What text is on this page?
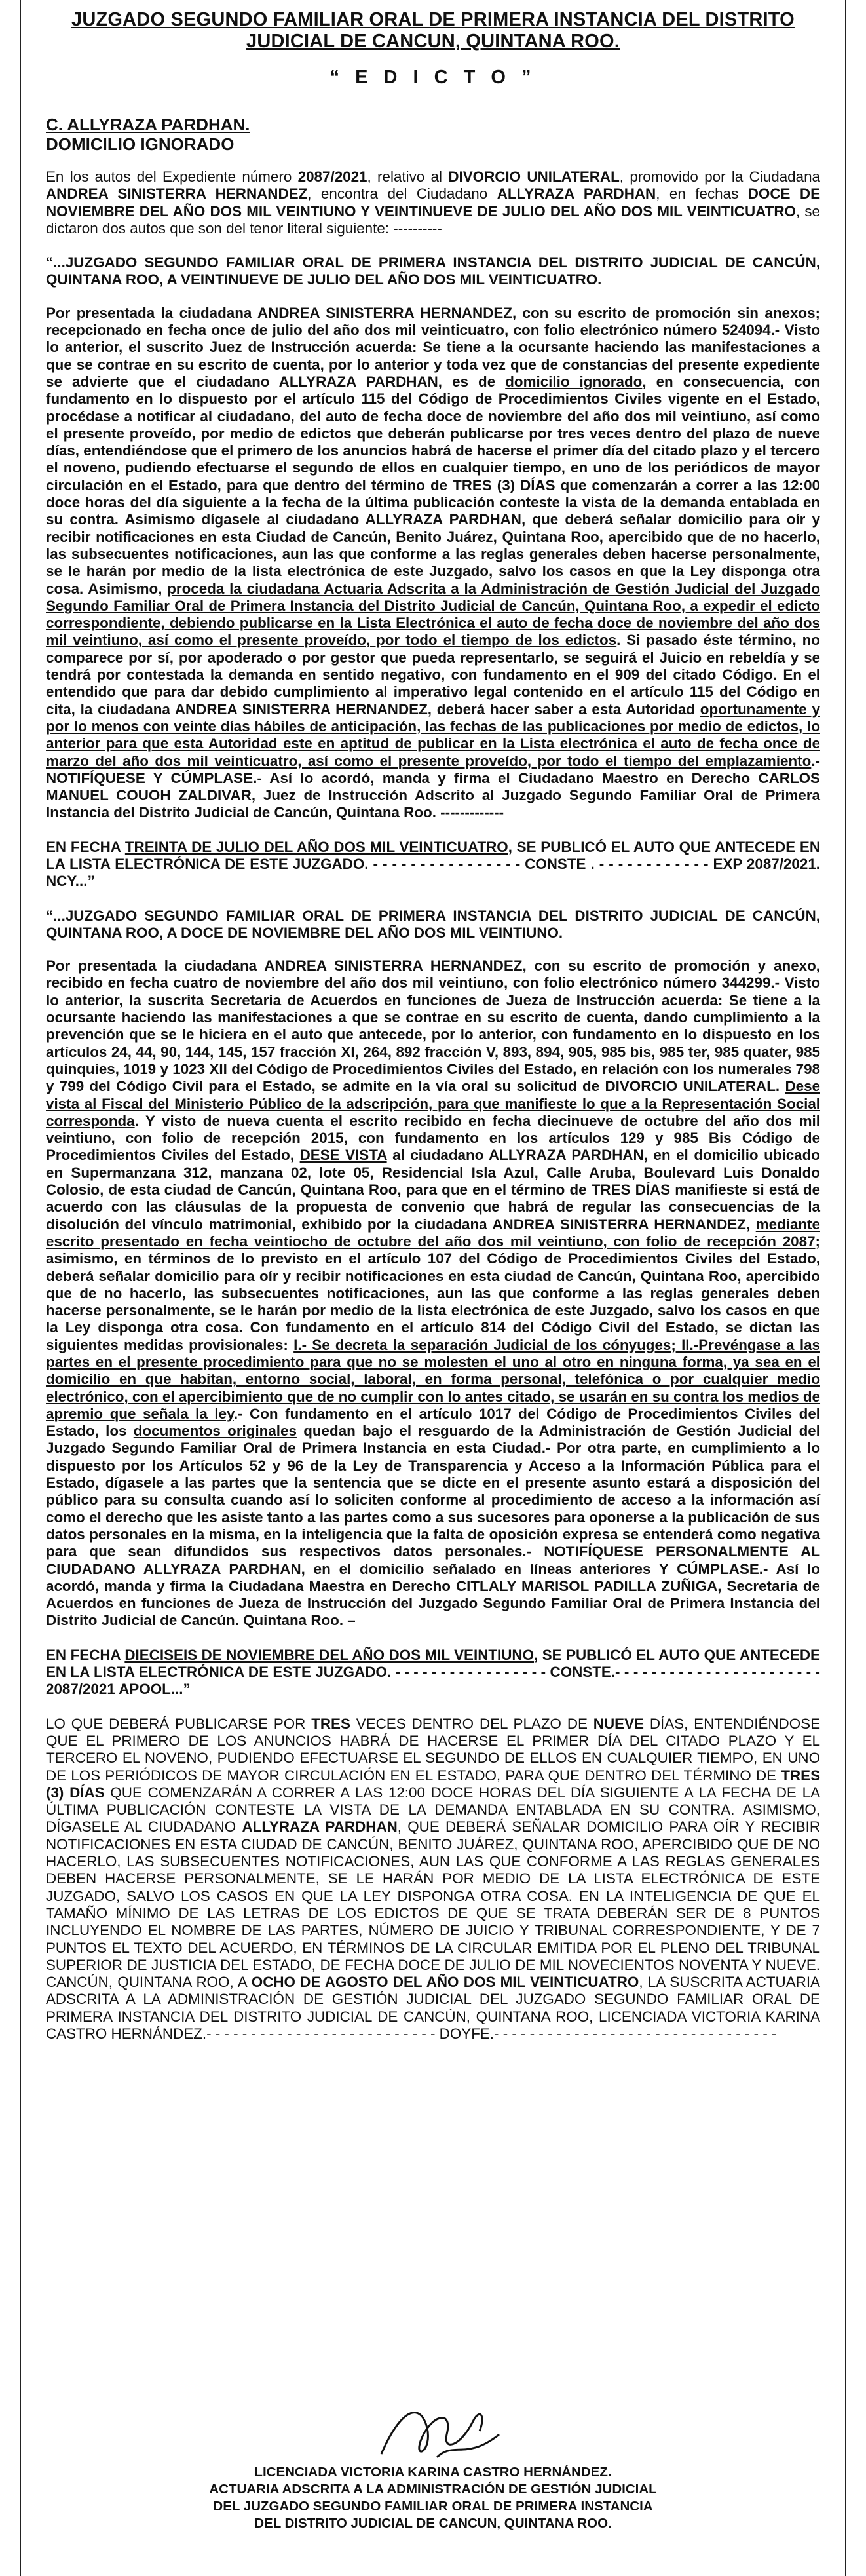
JUZGADO SEGUNDO FAMILIAR ORAL DE PRIMERA INSTANCIA DEL DISTRITO
JUDICIAL DE CANCUN, QUINTANA ROO.
“ E D I C T O ”
C. ALLYRAZA PARDHAN.
DOMICILIO IGNORADO

En los autos del Expediente número 2087/2021, relativo al DIVORCIO UNILATERAL, promovido por la Ciudadana ANDREA SINISTERRA HERNANDEZ, encontra del Ciudadano ALLYRAZA PARDHAN, en fechas DOCE DE NOVIEMBRE DEL AÑO DOS MIL VEINTIUNO Y VEINTINUEVE DE JULIO DEL AÑO DOS MIL VEINTICUATRO, se dictaron dos autos que son del tenor literal siguiente: ----------

“...JUZGADO SEGUNDO FAMILIAR ORAL DE PRIMERA INSTANCIA DEL DISTRITO JUDICIAL DE CANCÚN, QUINTANA ROO, A VEINTINUEVE DE JULIO DEL AÑO DOS MIL VEINTICUATRO.

Por presentada la ciudadana ANDREA SINISTERRA HERNANDEZ, con su escrito de promoción sin anexos; recepcionado en fecha once de julio del año dos mil veinticuatro, con folio electrónico número 524094.- Visto lo anterior, el suscrito Juez de Instrucción acuerda: Se tiene a la ocursante haciendo las manifestaciones a que se contrae en su escrito de cuenta, por lo anterior y toda vez que de constancias del presente expediente se advierte que el ciudadano ALLYRAZA PARDHAN, es de domicilio ignorado, en consecuencia, con fundamento en lo dispuesto por el artículo 115 del Código de Procedimientos Civiles vigente en el Estado, procédase a notificar al ciudadano, del auto de fecha doce de noviembre del año dos mil veintiuno, así como el presente proveído, por medio de edictos que deberán publicarse por tres veces dentro del plazo de nueve días, entendiéndose que el primero de los anuncios habrá de hacerse el primer día del citado plazo y el tercero el noveno, pudiendo efectuarse el segundo de ellos en cualquier tiempo, en uno de los periódicos de mayor circulación en el Estado, para que dentro del término de TRES (3) DÍAS que comenzarán a correr a las 12:00 doce horas del día siguiente a la fecha de la última publicación conteste la vista de la demanda entablada en su contra. Asimismo dígasele al ciudadano ALLYRAZA PARDHAN, que deberá señalar domicilio para oír y recibir notificaciones en esta Ciudad de Cancún, Benito Juárez, Quintana Roo, apercibido que de no hacerlo, las subsecuentes notificaciones, aun las que conforme a las reglas generales deben hacerse personalmente, se le harán por medio de la lista electrónica de este Juzgado, salvo los casos en que la Ley disponga otra cosa. Asimismo, proceda la ciudadana Actuaria Adscrita a la Administración de Gestión Judicial del Juzgado Segundo Familiar Oral de Primera Instancia del Distrito Judicial de Cancún, Quintana Roo, a expedir el edicto correspondiente, debiendo publicarse en la Lista Electrónica el auto de fecha doce de noviembre del año dos mil veintiuno, así como el presente proveído, por todo el tiempo de los edictos. Si pasado éste término, no comparece por sí, por apoderado o por gestor que pueda representarlo, se seguirá el Juicio en rebeldía y se tendrá por contestada la demanda en sentido negativo, con fundamento en el 909 del citado Código. En el entendido que para dar debido cumplimiento al imperativo legal contenido en el artículo 115 del Código en cita, la ciudadana ANDREA SINISTERRA HERNANDEZ, deberá hacer saber a esta Autoridad oportunamente y por lo menos con veinte días hábiles de anticipación, las fechas de las publicaciones por medio de edictos, lo anterior para que esta Autoridad este en aptitud de publicar en la Lista electrónica el auto de fecha once de marzo del año dos mil veinticuatro, así como el presente proveído, por todo el tiempo del emplazamiento.- NOTIFÍQUESE Y CÚMPLASE.- Así lo acordó, manda y firma el Ciudadano Maestro en Derecho CARLOS MANUEL COUOH ZALDIVAR, Juez de Instrucción Adscrito al Juzgado Segundo Familiar Oral de Primera Instancia del Distrito Judicial de Cancún, Quintana Roo. -------------

EN FECHA TREINTA DE JULIO DEL AÑO DOS MIL VEINTICUATRO, SE PUBLICÓ EL AUTO QUE ANTECEDE EN LA LISTA ELECTRÓNICA DE ESTE JUZGADO. - - - - - - - - - - - - - - - - CONSTE . - - - - - - - - - - - - EXP 2087/2021. NCY...”

“...JUZGADO SEGUNDO FAMILIAR ORAL DE PRIMERA INSTANCIA DEL DISTRITO JUDICIAL DE CANCÚN, QUINTANA ROO, A DOCE DE NOVIEMBRE DEL AÑO DOS MIL VEINTIUNO.

Por presentada la ciudadana ANDREA SINISTERRA HERNANDEZ, con su escrito de promoción y anexo, recibido en fecha cuatro de noviembre del año dos mil veintiuno, con folio electrónico número 344299.- Visto lo anterior, la suscrita Secretaria de Acuerdos en funciones de Jueza de Instrucción acuerda: Se tiene a la ocursante haciendo las manifestaciones a que se contrae en su escrito de cuenta, dando cumplimiento a la prevención que se le hiciera en el auto que antecede, por lo anterior, con fundamento en lo dispuesto en los artículos 24, 44, 90, 144, 145, 157 fracción XI, 264, 892 fracción V, 893, 894, 905, 985 bis, 985 ter, 985 quater, 985 quinquies, 1019 y 1023 XII del Código de Procedimientos Civiles del Estado, en relación con los numerales 798 y 799 del Código Civil para el Estado, se admite en la vía oral su solicitud de DIVORCIO UNILATERAL. Dese vista al Fiscal del Ministerio Público de la adscripción, para que manifieste lo que a la Representación Social corresponda. Y visto de nueva cuenta el escrito recibido en fecha diecinueve de octubre del año dos mil veintiuno, con folio de recepción 2015, con fundamento en los artículos 129 y 985 Bis Código de Procedimientos Civiles del Estado, DESE VISTA al ciudadano ALLYRAZA PARDHAN, en el domicilio ubicado en Supermanzana 312, manzana 02, lote 05, Residencial Isla Azul, Calle Aruba, Boulevard Luis Donaldo Colosio, de esta ciudad de Cancún, Quintana Roo, para que en el término de TRES DÍAS manifieste si está de acuerdo con las cláusulas de la propuesta de convenio que habrá de regular las consecuencias de la disolución del vínculo matrimonial, exhibido por la ciudadana ANDREA SINISTERRA HERNANDEZ, mediante escrito presentado en fecha veintiocho de octubre del año dos mil veintiuno, con folio de recepción 2087; asimismo, en términos de lo previsto en el artículo 107 del Código de Procedimientos Civiles del Estado, deberá señalar domicilio para oír y recibir notificaciones en esta ciudad de Cancún, Quintana Roo, apercibido que de no hacerlo, las subsecuentes notificaciones, aun las que conforme a las reglas generales deben hacerse personalmente, se le harán por medio de la lista electrónica de este Juzgado, salvo los casos en que la Ley disponga otra cosa. Con fundamento en el artículo 814 del Código Civil del Estado, se dictan las siguientes medidas provisionales: I.- Se decreta la separación Judicial de los cónyuges; II.-Prevéngase a las partes en el presente procedimiento para que no se molesten el uno al otro en ninguna forma, ya sea en el domicilio en que habitan, entorno social, laboral, en forma personal, telefónica o por cualquier medio electrónico, con el apercibimiento que de no cumplir con lo antes citado, se usarán en su contra los medios de apremio que señala la ley.- Con fundamento en el artículo 1017 del Código de Procedimientos Civiles del Estado, los documentos originales quedan bajo el resguardo de la Administración de Gestión Judicial del Juzgado Segundo Familiar Oral de Primera Instancia en esta Ciudad.- Por otra parte, en cumplimiento a lo dispuesto por los Artículos 52 y 96 de la Ley de Transparencia y Acceso a la Información Pública para el Estado, dígasele a las partes que la sentencia que se dicte en el presente asunto estará a disposición del público para su consulta cuando así lo soliciten conforme al procedimiento de acceso a la información así como el derecho que les asiste tanto a las partes como a sus sucesores para oponerse a la publicación de sus datos personales en la misma, en la inteligencia que la falta de oposición expresa se entenderá como negativa para que sean difundidos sus respectivos datos personales.- NOTIFÍQUESE PERSONALMENTE AL CIUDADANO ALLYRAZA PARDHAN, en el domicilio señalado en líneas anteriores Y CÚMPLASE.- Así lo acordó, manda y firma la Ciudadana Maestra en Derecho CITLALY MARISOL PADILLA ZUÑIGA, Secretaria de Acuerdos en funciones de Jueza de Instrucción del Juzgado Segundo Familiar Oral de Primera Instancia del Distrito Judicial de Cancún. Quintana Roo. –

EN FECHA DIECISEIS DE NOVIEMBRE DEL AÑO DOS MIL VEINTIUNO, SE PUBLICÓ EL AUTO QUE ANTECEDE EN LA LISTA ELECTRÓNICA DE ESTE JUZGADO. - - - - - - - - - - - - - - - - - CONSTE.- - - - - - - - - - - - - - - - - - - - - - - 2087/2021 APOOL...”

LO QUE DEBERÁ PUBLICARSE POR TRES VECES DENTRO DEL PLAZO DE NUEVE DÍAS, ENTENDIÉNDOSE QUE EL PRIMERO DE LOS ANUNCIOS HABRÁ DE HACERSE EL PRIMER DÍA DEL CITADO PLAZO Y EL TERCERO EL NOVENO, PUDIENDO EFECTUARSE EL SEGUNDO DE ELLOS EN CUALQUIER TIEMPO, EN UNO DE LOS PERIÓDICOS DE MAYOR CIRCULACIÓN EN EL ESTADO, PARA QUE DENTRO DEL TÉRMINO DE TRES (3) DÍAS QUE COMENZARÁN A CORRER A LAS 12:00 DOCE HORAS DEL DÍA SIGUIENTE A LA FECHA DE LA ÚLTIMA PUBLICACIÓN CONTESTE LA VISTA DE LA DEMANDA ENTABLADA EN SU CONTRA. ASIMISMO, DÍGASELE AL CIUDADANO ALLYRAZA PARDHAN, QUE DEBERÁ SEÑALAR DOMICILIO PARA OÍR Y RECIBIR NOTIFICACIONES EN ESTA CIUDAD DE CANCÚN, BENITO JUÁREZ, QUINTANA ROO, APERCIBIDO QUE DE NO HACERLO, LAS SUBSECUENTES NOTIFICACIONES, AUN LAS QUE CONFORME A LAS REGLAS GENERALES DEBEN HACERSE PERSONALMENTE, SE LE HARÁN POR MEDIO DE LA LISTA ELECTRÓNICA DE ESTE JUZGADO, SALVO LOS CASOS EN QUE LA LEY DISPONGA OTRA COSA. EN LA INTELIGENCIA DE QUE EL TAMAÑO MÍNIMO DE LAS LETRAS DE LOS EDICTOS DE QUE SE TRATA DEBERÁN SER DE 8 PUNTOS INCLUYENDO EL NOMBRE DE LAS PARTES, NÚMERO DE JUICIO Y TRIBUNAL CORRESPONDIENTE, Y DE 7 PUNTOS EL TEXTO DEL ACUERDO, EN TÉRMINOS DE LA CIRCULAR EMITIDA POR EL PLENO DEL TRIBUNAL SUPERIOR DE JUSTICIA DEL ESTADO, DE FECHA DOCE DE JULIO DE MIL NOVECIENTOS NOVENTA Y NUEVE. CANCÚN, QUINTANA ROO, A OCHO DE AGOSTO DEL AÑO DOS MIL VEINTICUATRO, LA SUSCRITA ACTUARIA ADSCRITA A LA ADMINISTRACIÓN DE GESTIÓN JUDICIAL DEL JUZGADO SEGUNDO FAMILIAR ORAL DE PRIMERA INSTANCIA DEL DISTRITO JUDICIAL DE CANCÚN, QUINTANA ROO, LICENCIADA VICTORIA KARINA CASTRO HERNÁNDEZ.- - - - - - - - - - - - - - - - - - - - - - - - - - DOYFE.- - - - - - - - - - - - - - - - - - - - - - - - - - - - - - - -

LICENCIADA VICTORIA KARINA CASTRO HERNÁNDEZ.
ACTUARIA ADSCRITA A LA ADMINISTRACIÓN DE GESTIÓN JUDICIAL
DEL JUZGADO SEGUNDO FAMILIAR ORAL DE PRIMERA INSTANCIA
DEL DISTRITO JUDICIAL DE CANCUN, QUINTANA ROO.
